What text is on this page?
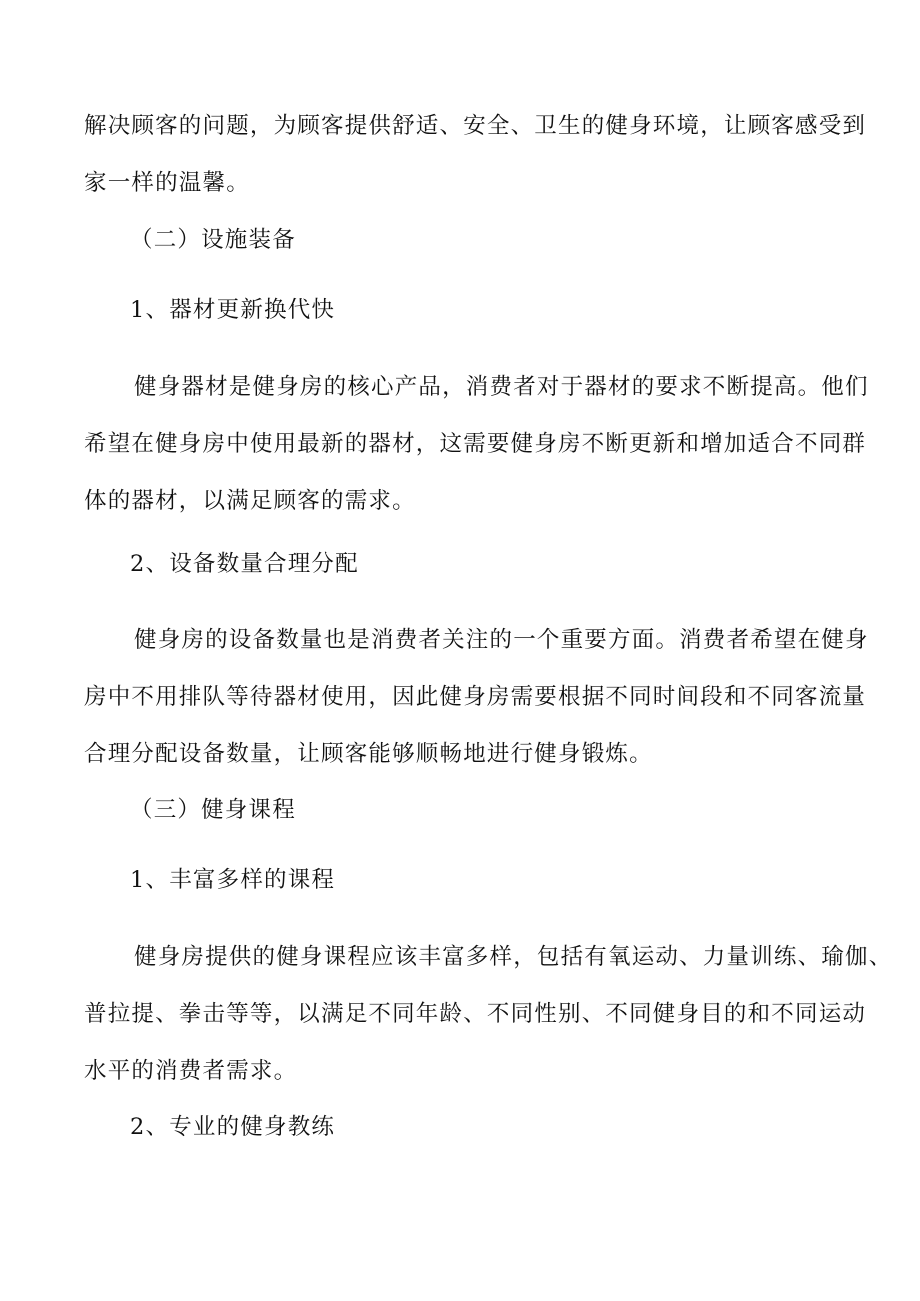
解决顾客的问题，为顾客提供舒适、安全、卫生的健身环境，让顾客感受到
家一样的温馨。
（二）设施装备
1、器材更新换代快
健身器材是健身房的核心产品，消费者对于器材的要求不断提高。他们
希望在健身房中使用最新的器材，这需要健身房不断更新和增加适合不同群
体的器材，以满足顾客的需求。
2、设备数量合理分配
健身房的设备数量也是消费者关注的一个重要方面。消费者希望在健身
房中不用排队等待器材使用，因此健身房需要根据不同时间段和不同客流量
合理分配设备数量，让顾客能够顺畅地进行健身锻炼。
（三）健身课程
1、丰富多样的课程
健身房提供的健身课程应该丰富多样，包括有氧运动、力量训练、瑜伽、
普拉提、拳击等等，以满足不同年龄、不同性别、不同健身目的和不同运动
水平的消费者需求。
2、专业的健身教练
